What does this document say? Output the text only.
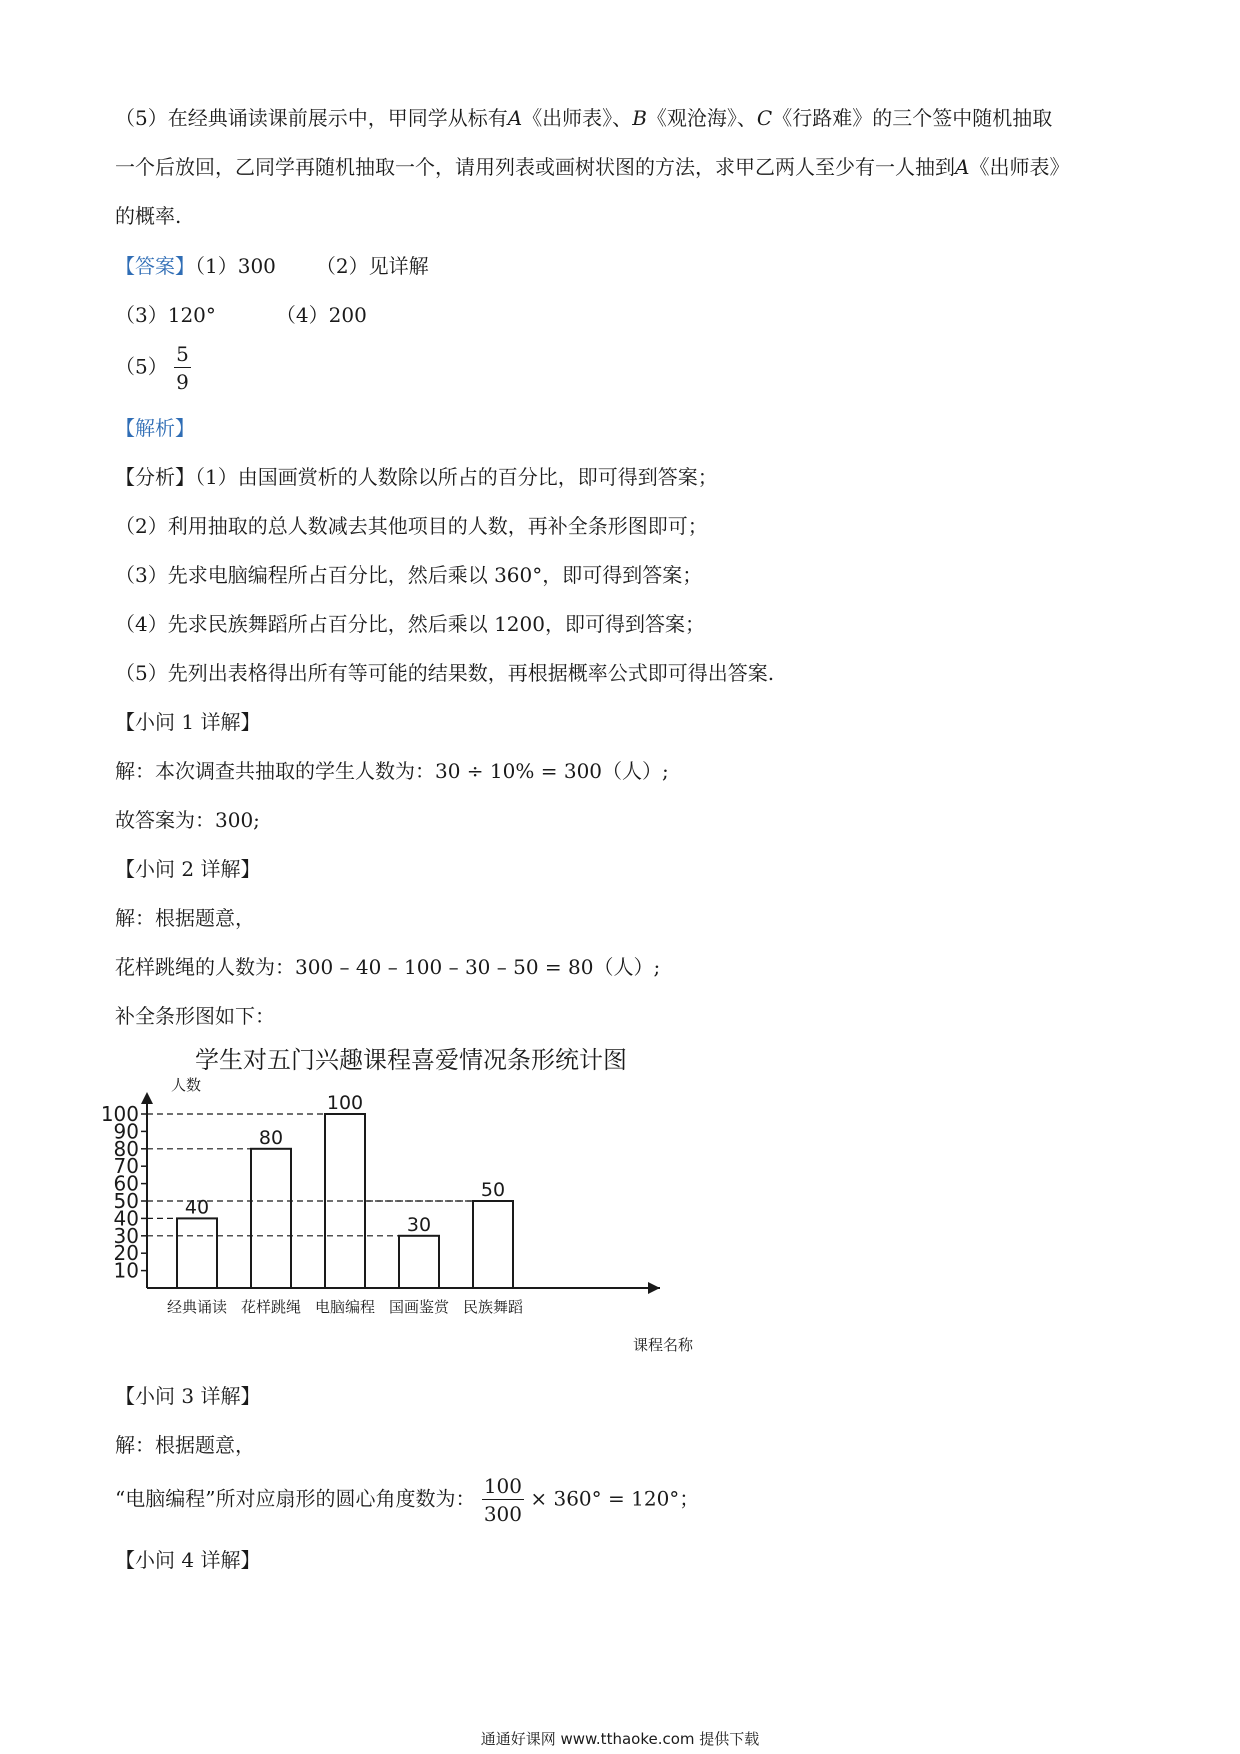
（5）在经典诵读课前展示中，甲同学从标有A《出师表》、B《观沧海》、C《行路难》的三个签中随机抽取
一个后放回，乙同学再随机抽取一个，请用列表或画树状图的方法，求甲乙两人至少有一人抽到A《出师表》
的概率.
【答案】（1）300 （2）见详解
（3）120°	（4）200
$(5) \frac{5}{9}$
【解析】
【分析】（1）由国画赏析的人数除以所占的百分比，即可得到答案；
（2）利用抽取的总人数减去其他项目的人数，再补全条形图即可；
（3）先求电脑编程所占百分比，然后乘以 360°，即可得到答案；
（4）先求民族舞蹈所占百分比，然后乘以 1200，即可得到答案；
（5）先列出表格得出所有等可能的结果数，再根据概率公式即可得出答案.
【小问 1 详解】
解：本次调查共抽取的学生人数为：30 ÷ 10% = 300（人）;
故答案为：300;
【小问 2 详解】
解：根据题意，
花样跳绳的人数为：300 – 40 – 100 – 30 – 50 = 80（人）;
补全条形图如下：
学生对五门兴趣课程喜爱情况条形统计图
人数
课程名称
10
20
30
40
50
60
70
80
90
100
40
经典诵读
80
花样跳绳
100
电脑编程
30
国画鉴赏
50
民族舞蹈
【小问 3 详解】
解：根据题意，
“电脑编程”所对应扇形的圆心角度数为： $\frac{100}{300} \times 360^\circ = 120^\circ$；
【小问 4 详解】
通通好课网 www.tthaoke.com 提供下载
